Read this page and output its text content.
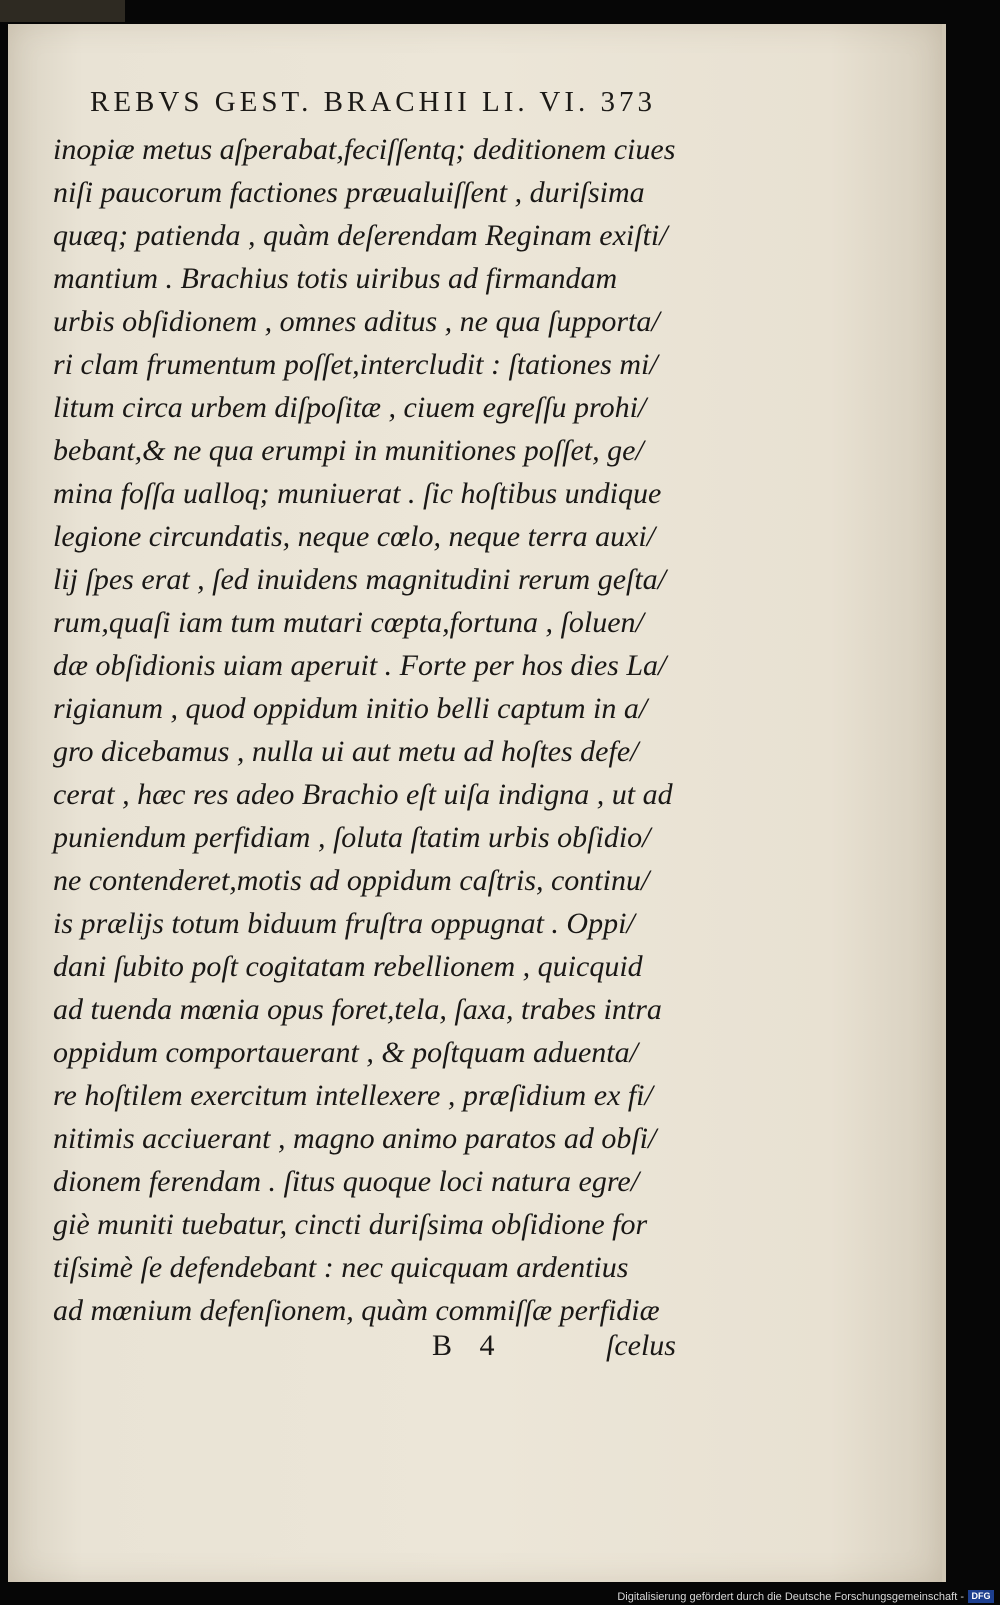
REBVS GEST. BRACHII LI. VI. 373
inopiæ metus aſperabat,feciſſentq; deditionem ciues
niſi paucorum factiones præualuiſſent , duriſsima
quæq; patienda , quàm deſerendam Reginam exiſti/
mantium . Brachius totis uiribus ad firmandam
urbis obſidionem , omnes aditus , ne qua ſupporta/
ri clam frumentum poſſet,intercludit : ſtationes mi/
litum circa urbem diſpoſitæ , ciuem egreſſu prohi/
bebant,& ne qua erumpi in munitiones poſſet, ge/
mina foſſa ualloq; muniuerat . ſic hoſtibus undique
legione circundatis, neque cœlo, neque terra auxi/
lij ſpes erat , ſed inuidens magnitudini rerum geſta/
rum,quaſi iam tum mutari cœpta,fortuna , ſoluen/
dæ obſidionis uiam aperuit . Forte per hos dies La/
rigianum , quod oppidum initio belli captum in a/
gro dicebamus , nulla ui aut metu ad hoſtes defe/
cerat , hæc res adeo Brachio eſt uiſa indigna , ut ad
puniendum perfidiam , ſoluta ſtatim urbis obſidio/
ne contenderet,motis ad oppidum caſtris, continu/
is prælijs totum biduum fruſtra oppugnat . Oppi/
dani ſubito poſt cogitatam rebellionem , quicquid
ad tuenda mœnia opus foret,tela, ſaxa, trabes intra
oppidum comportauerant , & poſtquam aduenta/
re hoſtilem exercitum intellexere , præſidium ex fi/
nitimis acciuerant , magno animo paratos ad obſi/
dionem ferendam . ſitus quoque loci natura egre/
giè muniti tuebatur, cincti duriſsima obſidione for
tiſsimè ſe defendebant : nec quicquam ardentius
ad mœnium defenſionem, quàm commiſſæ perfidiæ
B 4	ſcelus
Digitalisierung gefördert durch die Deutsche Forschungsgemeinschaft - DFG
